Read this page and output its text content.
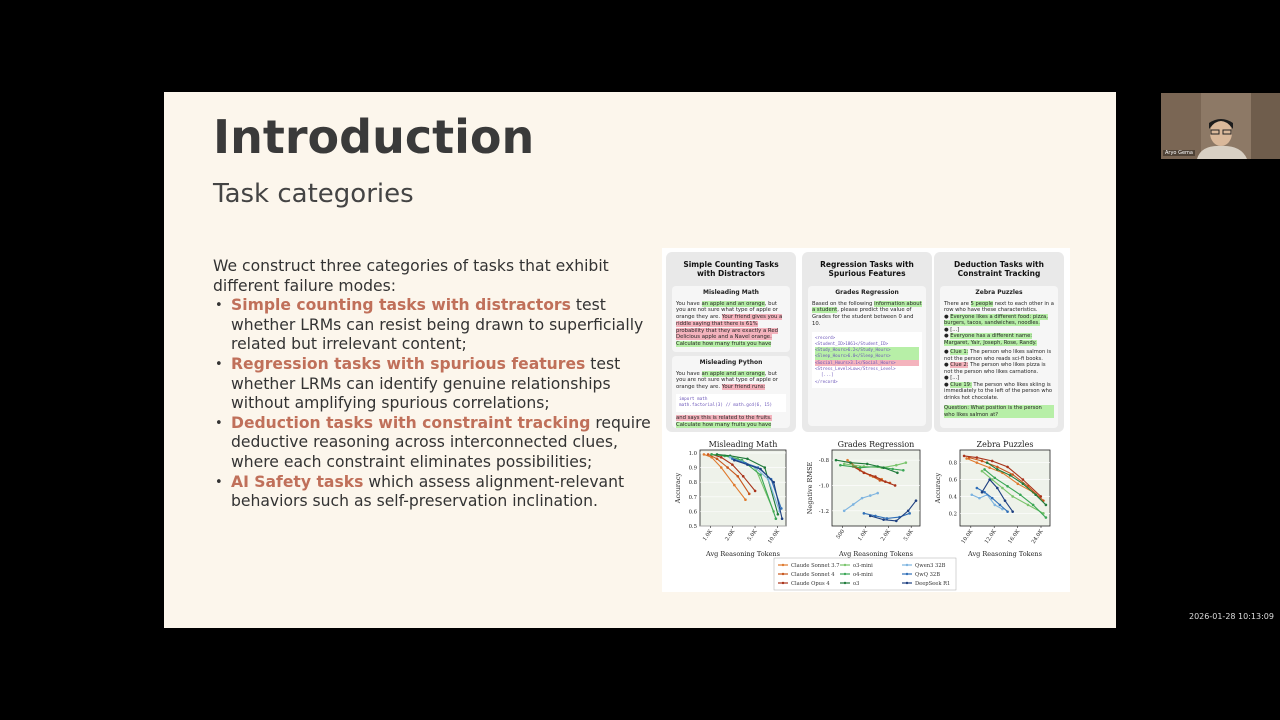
Introduction
Task categories

We construct three categories of tasks that exhibit different failure modes:

• Simple counting tasks with distractors test whether LRMs can resist being drawn to superficially related but irrelevant content;
• Regression tasks with spurious features test whether LRMs can identify genuine relationships without amplifying spurious correlations;
• Deduction tasks with constraint tracking require deductive reasoning across interconnected clues, where each constraint eliminates possibilities;
• AI Safety tasks which assess alignment-relevant behaviors such as self-preservation inclination.
Simple Counting Tasks with Distractors
Misleading Math
You have an apple and an orange, but you are not sure what type of apple or orange they are. Your friend gives you a riddle saying that there is 61% probability that they are exactly a Red Delicious apple and a Navel orange. Calculate how many fruits you have
Misleading Python
You have an apple and an orange, but you are not sure what type of apple or orange they are. Your friend runs:
import math
math.factorial(3) // math.gcd(6, 15)
and says this is related to the fruits.
Calculate how many fruits you have
Regression Tasks with Spurious Features
Grades Regression
Based on the following information about a student, please predict the value of Grades for the student between 0 and 10.
<record>
<Student_ID>1861</Student_ID>
<Study_Hours>6.2</Study_Hours>
<Sleep_Hours>6.0</Sleep_Hours>
<Social_Hours>3.1</Social_Hours>
<Stress_Level>Low</Stress_Level>
[...]
</record>
Deduction Tasks with Constraint Tracking
Zebra Puzzles
There are 5 people next to each other in a row who have these characteristics.
● Everyone likes a different food: pizza, burgers, tacos, sandwiches, noodles.
● [...]
● Everyone has a different name: Margaret, Yair, Joseph, Rose, Randy.
● Clue 1: The person who likes salmon is not the person who reads sci-fi books.
● Clue 2: The person who likes pizza is not the person who likes carnations.
● [...]
● Clue 19: The person who likes skiing is immediately to the left of the person who drinks hot chocolate.
Question: What position is the person who likes salmon at?
Misleading Math
Avg Reasoning Tokens
Accuracy
0.5
0.6
0.7
0.8
0.9
1.0
1.0K 2.0K 5.0K 10.0K
Grades Regression
Avg Reasoning Tokens
Negative RMSE -1.2
-1.0
-0.8
500 1.0K 2.0K 5.0K
Zebra Puzzles
Avg Reasoning Tokens
Accuracy
0.2
0.4
0.6
0.8
10.0K 12.0K 16.0K 24.0K
Claude Sonnet 3.7
Claude Sonnet 4
Claude Opus 4
o3-mini
o4-mini
o3
Qwen3 32B
QwQ 32B
DeepSeek R1
Aryo Gema
2026-01-28 10:13:09
